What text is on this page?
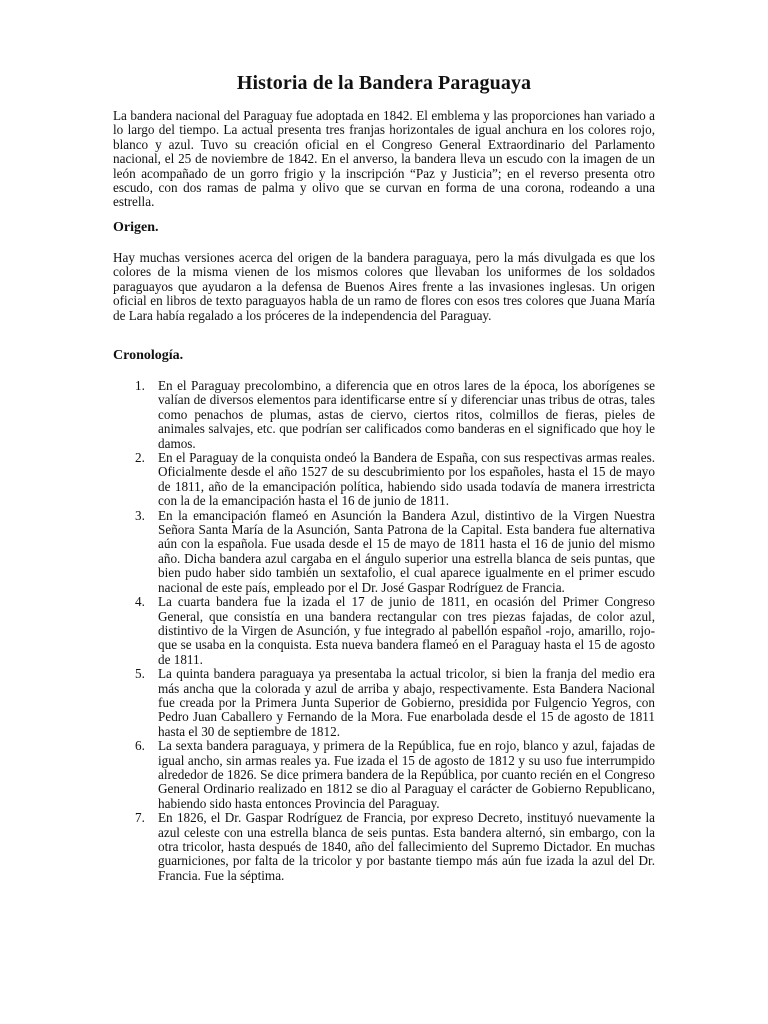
Historia de la Bandera Paraguaya

La bandera nacional del Paraguay fue adoptada en 1842. El emblema y las proporciones han variado a lo largo del tiempo. La actual presenta tres franjas horizontales de igual anchura en los colores rojo, blanco y azul. Tuvo su creación oficial en el Congreso General Extraordinario del Parlamento nacional, el 25 de noviembre de 1842. En el anverso, la bandera lleva un escudo con la imagen de un león acompañado de un gorro frigio y la inscripción “Paz y Justicia”; en el reverso presenta otro escudo, con dos ramas de palma y olivo que se curvan en forma de una corona, rodeando a una estrella.

Origen.

Hay muchas versiones acerca del origen de la bandera paraguaya, pero la más divulgada es que los colores de la misma vienen de los mismos colores que llevaban los uniformes de los soldados paraguayos que ayudaron a la defensa de Buenos Aires frente a las invasiones inglesas. Un origen oficial en libros de texto paraguayos habla de un ramo de flores con esos tres colores que Juana María de Lara había regalado a los próceres de la independencia del Paraguay.

Cronología.
1. En el Paraguay precolombino, a diferencia que en otros lares de la época, los aborígenes se valían de diversos elementos para identificarse entre sí y diferenciar unas tribus de otras, tales como penachos de plumas, astas de ciervo, ciertos ritos, colmillos de fieras, pieles de animales salvajes, etc. que podrían ser calificados como banderas en el significado que hoy le damos.
2. En el Paraguay de la conquista ondeó la Bandera de España, con sus respectivas armas reales. Oficialmente desde el año 1527 de su descubrimiento por los españoles, hasta el 15 de mayo de 1811, año de la emancipación política, habiendo sido usada todavía de manera irrestricta con la de la emancipación hasta el 16 de junio de 1811.
3. En la emancipación flameó en Asunción la Bandera Azul, distintivo de la Virgen Nuestra Señora Santa María de la Asunción, Santa Patrona de la Capital. Esta bandera fue alternativa aún con la española. Fue usada desde el 15 de mayo de 1811 hasta el 16 de junio del mismo año. Dicha bandera azul cargaba en el ángulo superior una estrella blanca de seis puntas, que bien pudo haber sido también un sextafolio, el cual aparece igualmente en el primer escudo nacional de este país, empleado por el Dr. José Gaspar Rodríguez de Francia.
4. La cuarta bandera fue la izada el 17 de junio de 1811, en ocasión del Primer Congreso General, que consistía en una bandera rectangular con tres piezas fajadas, de color azul, distintivo de la Virgen de Asunción, y fue integrado al pabellón español -rojo, amarillo, rojo- que se usaba en la conquista. Esta nueva bandera flameó en el Paraguay hasta el 15 de agosto de 1811.
5. La quinta bandera paraguaya ya presentaba la actual tricolor, si bien la franja del medio era más ancha que la colorada y azul de arriba y abajo, respectivamente. Esta Bandera Nacional fue creada por la Primera Junta Superior de Gobierno, presidida por Fulgencio Yegros, con Pedro Juan Caballero y Fernando de la Mora. Fue enarbolada desde el 15 de agosto de 1811 hasta el 30 de septiembre de 1812.
6. La sexta bandera paraguaya, y primera de la República, fue en rojo, blanco y azul, fajadas de igual ancho, sin armas reales ya. Fue izada el 15 de agosto de 1812 y su uso fue interrumpido alrededor de 1826. Se dice primera bandera de la República, por cuanto recién en el Congreso General Ordinario realizado en 1812 se dio al Paraguay el carácter de Gobierno Republicano, habiendo sido hasta entonces Provincia del Paraguay.
7. En 1826, el Dr. Gaspar Rodríguez de Francia, por expreso Decreto, instituyó nuevamente la azul celeste con una estrella blanca de seis puntas. Esta bandera alternó, sin embargo, con la otra tricolor, hasta después de 1840, año del fallecimiento del Supremo Dictador. En muchas guarniciones, por falta de la tricolor y por bastante tiempo más aún fue izada la azul del Dr. Francia. Fue la séptima.
